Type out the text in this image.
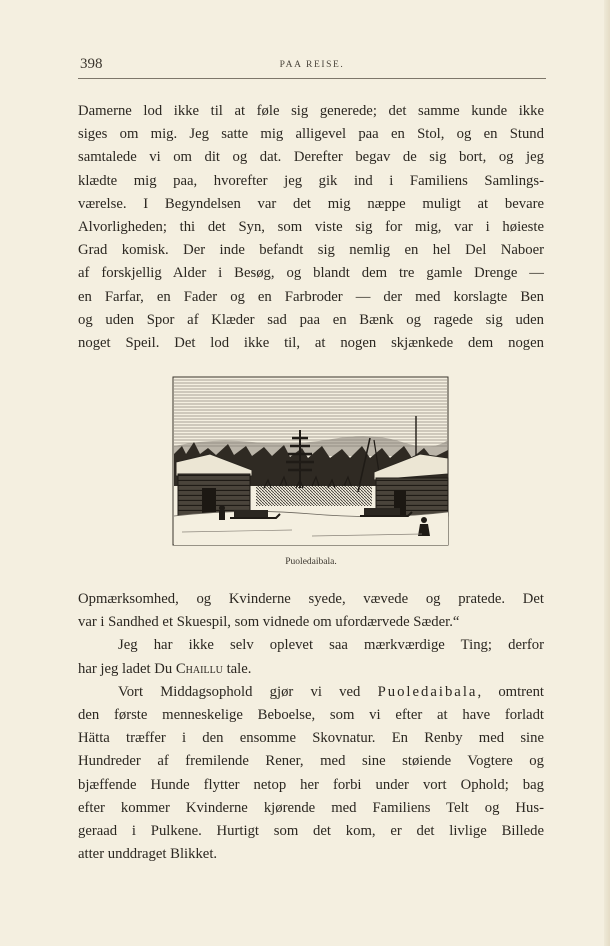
398	PAA REISE.
Damerne lod ikke til at føle sig generede; det samme kunde ikke
siges om mig. Jeg satte mig alligevel paa en Stol, og en Stund
samtalede vi om dit og dat. Derefter begav de sig bort, og jeg
klædte mig paa, hvorefter jeg gik ind i Familiens Samlings-
værelse. I Begyndelsen var det mig næppe muligt at bevare
Alvorligheden; thi det Syn, som viste sig for mig, var i høieste
Grad komisk. Der inde befandt sig nemlig en hel Del Naboer
af forskjellig Alder i Besøg, og blandt dem tre gamle Drenge —
en Farfar, en Fader og en Farbroder — der med korslagte Ben
og uden Spor af Klæder sad paa en Bænk og ragede sig uden
noget Speil. Det lod ikke til, at nogen skjænkede dem nogen
Puoledaibala.
Opmærksomhed, og Kvinderne syede, vævede og pratede. Det
var i Sandhed et Skuespil, som vidnede om ufordærvede Sæder.“
Jeg har ikke selv oplevet saa mærkværdige Ting; derfor
har jeg ladet Du Chaillu tale.
Vort Middagsophold gjør vi ved Puoledaibala, omtrent
den første menneskelige Beboelse, som vi efter at have forladt
Hätta træffer i den ensomme Skovnatur. En Renby med sine
Hundreder af fremilende Rener, med sine støiende Vogtere og
bjæffende Hunde flytter netop her forbi under vort Ophold; bag
efter kommer Kvinderne kjørende med Familiens Telt og Hus-
geraad i Pulkene. Hurtigt som det kom, er det livlige Billede
atter unddraget Blikket.
